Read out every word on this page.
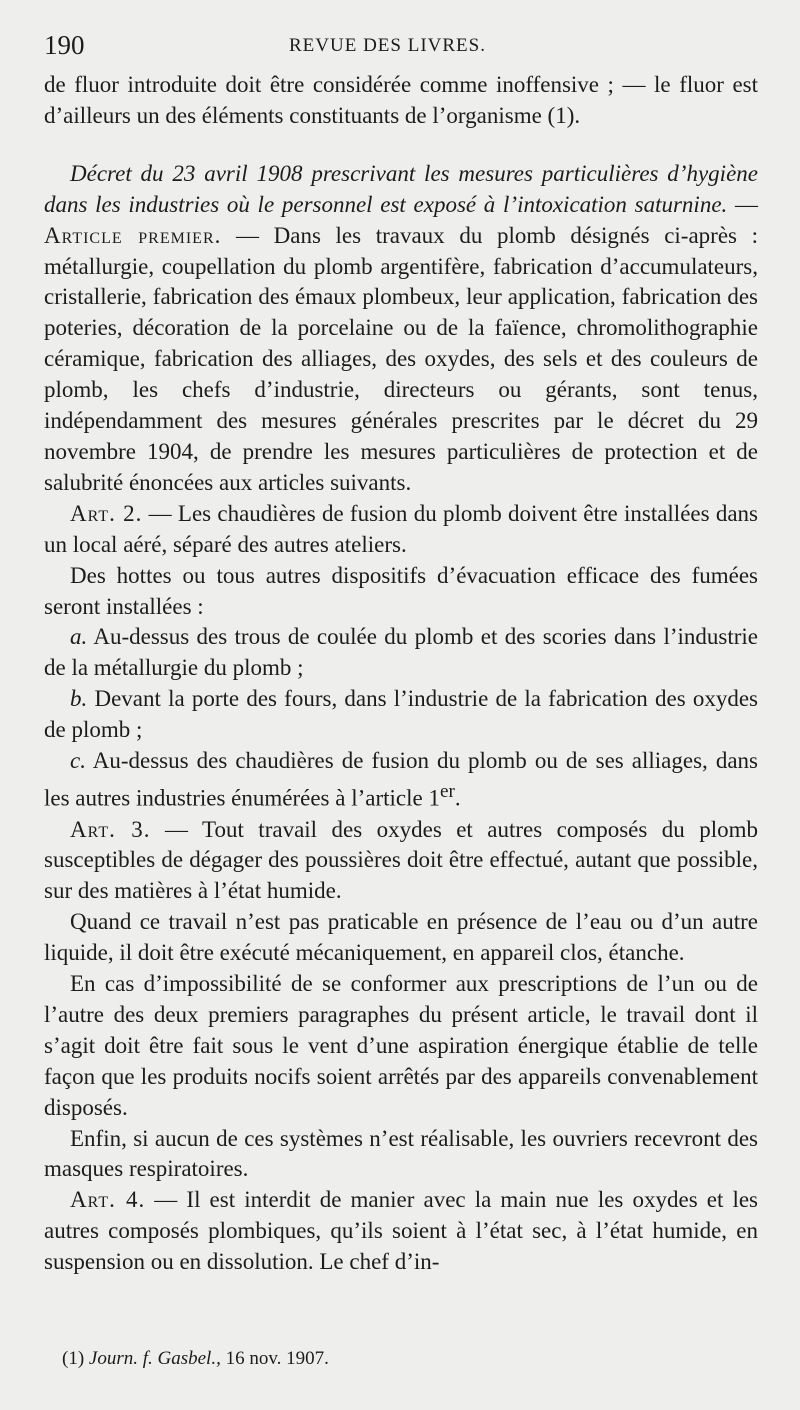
190	REVUE DES LIVRES.

de fluor introduite doit être considérée comme inoffensive ; — le fluor est d’ailleurs un des éléments constituants de l’organisme (1).

Décret du 23 avril 1908 prescrivant les mesures particulières d’hygiène dans les industries où le personnel est exposé à l’intoxication saturnine. — Article premier. — Dans les travaux du plomb désignés ci-après : métallurgie, coupellation du plomb argentifère, fabrication d’accumulateurs, cristallerie, fabrication des émaux plombeux, leur application, fabrication des poteries, décoration de la porcelaine ou de la faïence, chromolithographie céramique, fabrication des alliages, des oxydes, des sels et des couleurs de plomb, les chefs d’industrie, directeurs ou gérants, sont tenus, indépendamment des mesures générales prescrites par le décret du 29 novembre 1904, de prendre les mesures particulières de protection et de salubrité énoncées aux articles suivants.

Art. 2. — Les chaudières de fusion du plomb doivent être installées dans un local aéré, séparé des autres ateliers.

Des hottes ou tous autres dispositifs d’évacuation efficace des fumées seront installées :

a. Au-dessus des trous de coulée du plomb et des scories dans l’industrie de la métallurgie du plomb ;

b. Devant la porte des fours, dans l’industrie de la fabrication des oxydes de plomb ;

c. Au-dessus des chaudières de fusion du plomb ou de ses alliages, dans les autres industries énumérées à l’article 1er.

Art. 3. — Tout travail des oxydes et autres composés du plomb susceptibles de dégager des poussières doit être effectué, autant que possible, sur des matières à l’état humide.

Quand ce travail n’est pas praticable en présence de l’eau ou d’un autre liquide, il doit être exécuté mécaniquement, en appareil clos, étanche.

En cas d’impossibilité de se conformer aux prescriptions de l’un ou de l’autre des deux premiers paragraphes du présent article, le travail dont il s’agit doit être fait sous le vent d’une aspiration énergique établie de telle façon que les produits nocifs soient arrêtés par des appareils convenablement disposés.

Enfin, si aucun de ces systèmes n’est réalisable, les ouvriers recevront des masques respiratoires.

Art. 4. — Il est interdit de manier avec la main nue les oxydes et les autres composés plombiques, qu’ils soient à l’état sec, à l’état humide, en suspension ou en dissolution. Le chef d’in-

(1) Journ. f. Gasbel., 16 nov. 1907.
